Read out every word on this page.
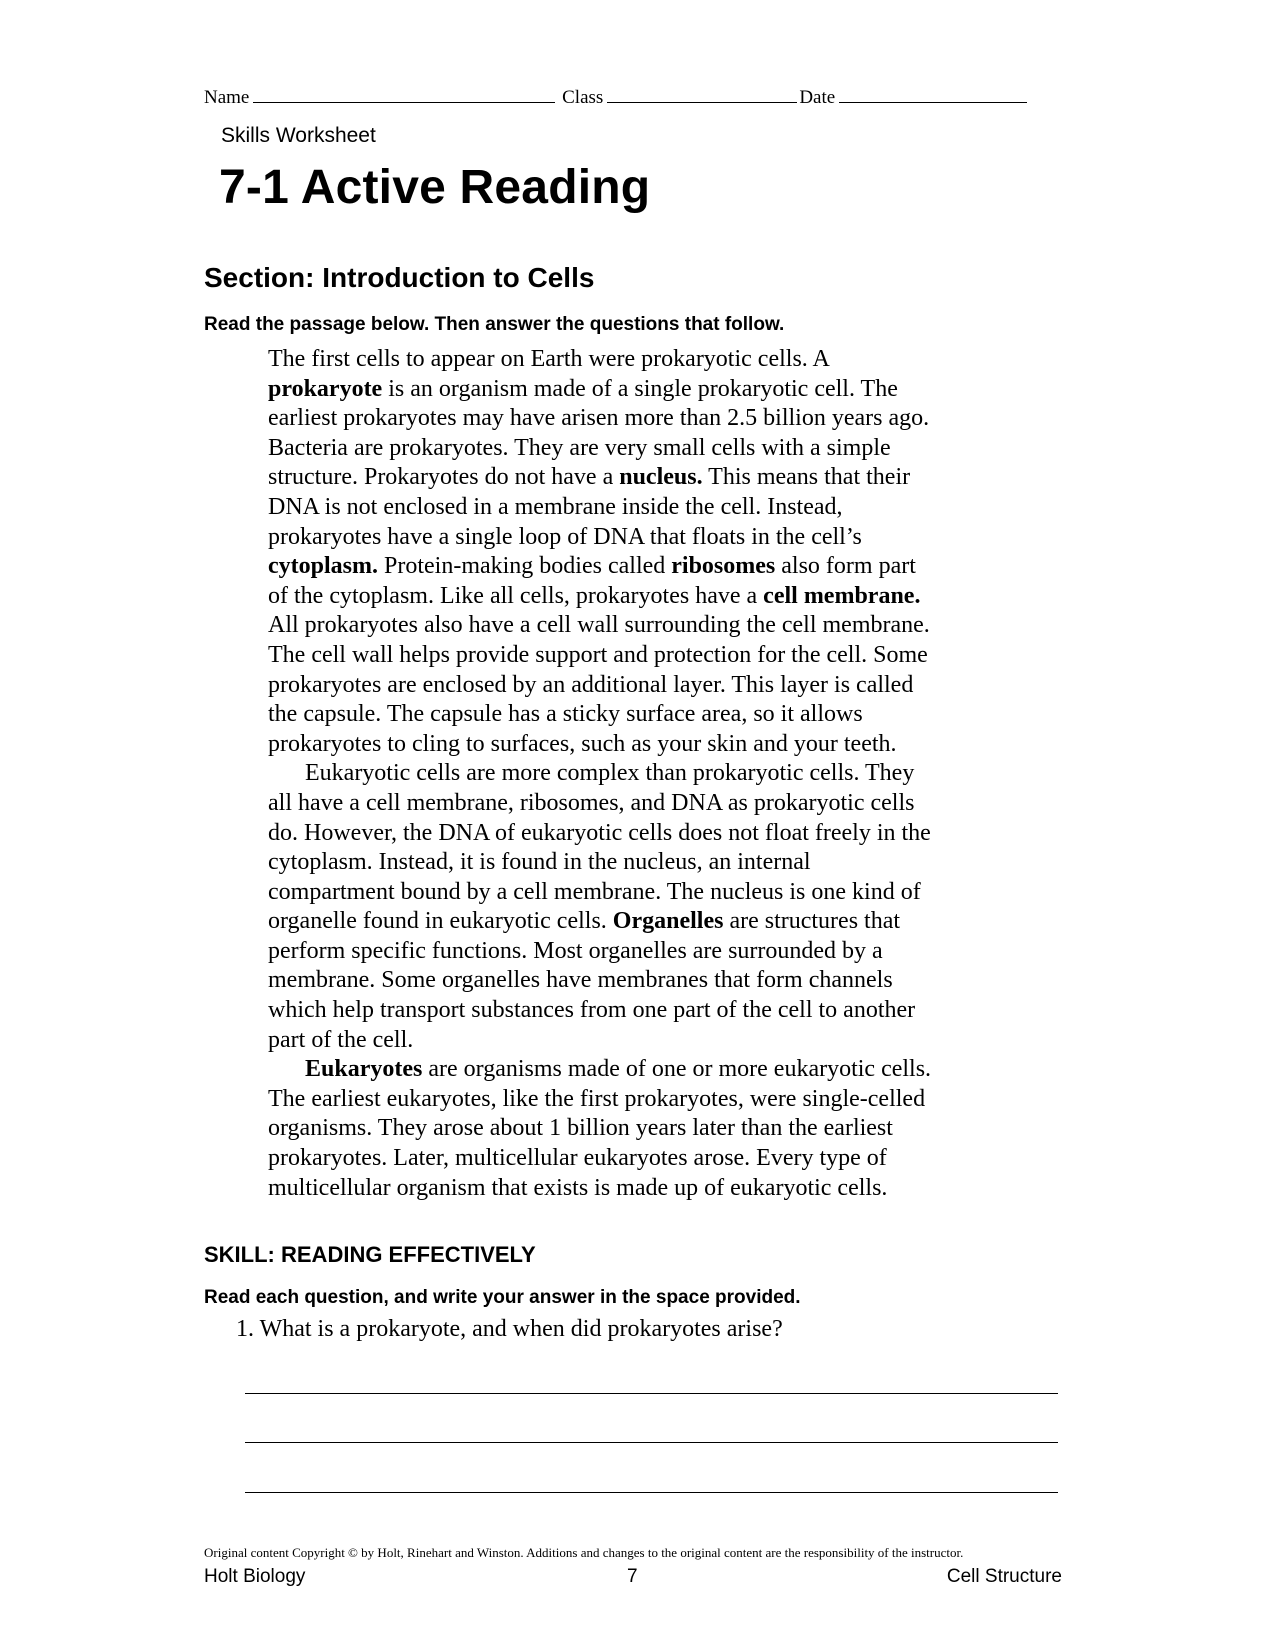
Name	Class	Date
Skills Worksheet
7-1 Active Reading
Section: Introduction to Cells
Read the passage below. Then answer the questions that follow.
The first cells to appear on Earth were prokaryotic cells. A
prokaryote is an organism made of a single prokaryotic cell. The
earliest prokaryotes may have arisen more than 2.5 billion years ago.
Bacteria are prokaryotes. They are very small cells with a simple
structure. Prokaryotes do not have a nucleus. This means that their
DNA is not enclosed in a membrane inside the cell. Instead,
prokaryotes have a single loop of DNA that floats in the cell’s
cytoplasm. Protein-making bodies called ribosomes also form part
of the cytoplasm. Like all cells, prokaryotes have a cell membrane.
All prokaryotes also have a cell wall surrounding the cell membrane.
The cell wall helps provide support and protection for the cell. Some
prokaryotes are enclosed by an additional layer. This layer is called
the capsule. The capsule has a sticky surface area, so it allows
prokaryotes to cling to surfaces, such as your skin and your teeth.
Eukaryotic cells are more complex than prokaryotic cells. They
all have a cell membrane, ribosomes, and DNA as prokaryotic cells
do. However, the DNA of eukaryotic cells does not float freely in the
cytoplasm. Instead, it is found in the nucleus, an internal
compartment bound by a cell membrane. The nucleus is one kind of
organelle found in eukaryotic cells. Organelles are structures that
perform specific functions. Most organelles are surrounded by a
membrane. Some organelles have membranes that form channels
which help transport substances from one part of the cell to another
part of the cell.
Eukaryotes are organisms made of one or more eukaryotic cells.
The earliest eukaryotes, like the first prokaryotes, were single-celled
organisms. They arose about 1 billion years later than the earliest
prokaryotes. Later, multicellular eukaryotes arose. Every type of
multicellular organism that exists is made up of eukaryotic cells.
SKILL: READING EFFECTIVELY
Read each question, and write your answer in the space provided.
1. What is a prokaryote, and when did prokaryotes arise?
Original content Copyright © by Holt, Rinehart and Winston. Additions and changes to the original content are the responsibility of the instructor.
Holt Biology	7	Cell Structure
